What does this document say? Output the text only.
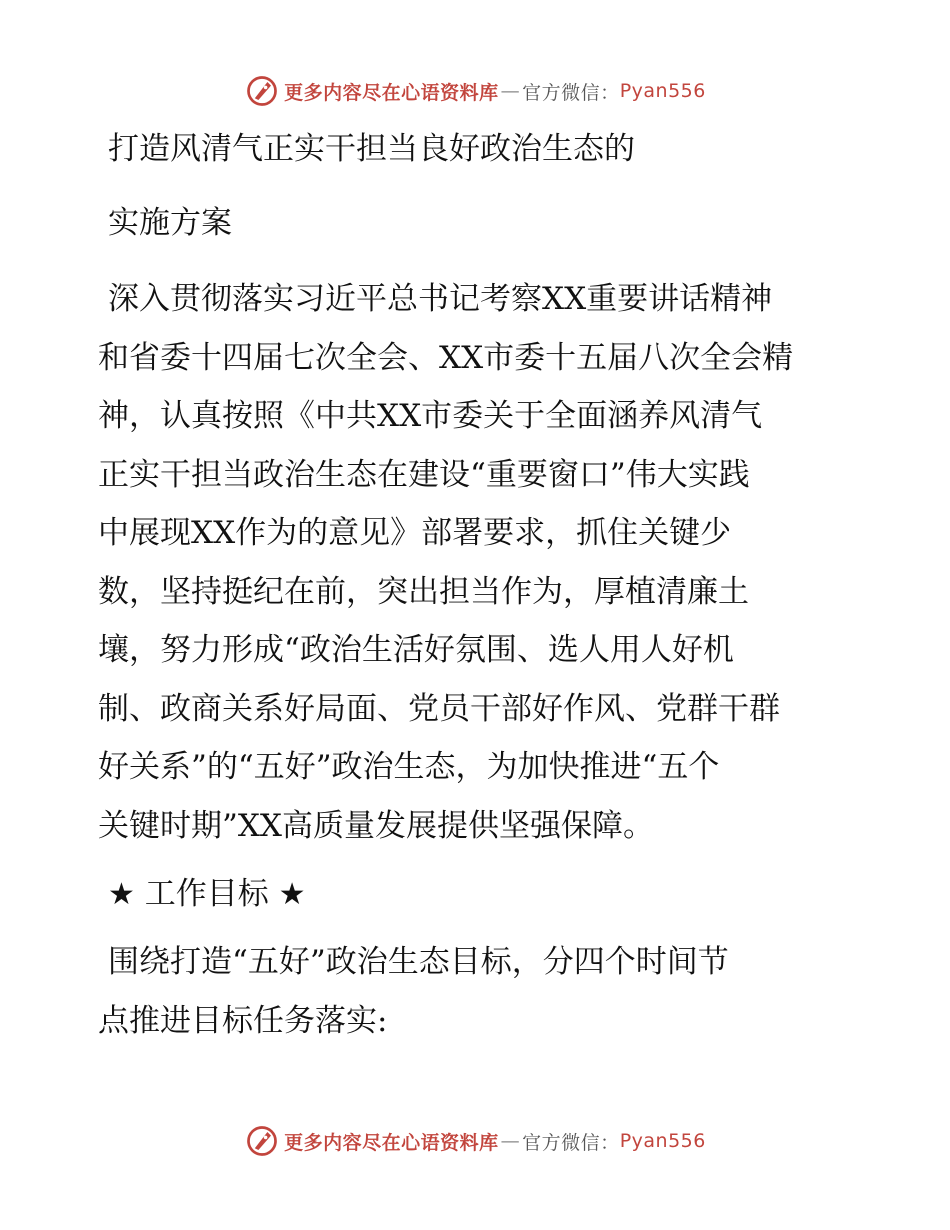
更多内容尽在心语资料库 — 官方微信： Pyan556
打造风清气正实干担当良好政治生态的
实施方案

深入贯彻落实习近平总书记考察XX重要讲话精神
和省委十四届七次全会、XX市委十五届八次全会精
神，认真按照《中共XX市委关于全面涵养风清气
正实干担当政治生态在建设“重要窗口”伟大实践
中展现XX作为的意见》部署要求，抓住关键少
数，坚持挺纪在前，突出担当作为，厚植清廉土
壤，努力形成“政治生活好氛围、选人用人好机
制、政商关系好局面、党员干部好作风、党群干群
好关系”的“五好”政治生态，为加快推进“五个
关键时期”XX高质量发展提供坚强保障。

★ 工作目标 ★

围绕打造“五好”政治生态目标，分四个时间节
点推进目标任务落实:

更多内容尽在心语资料库 — 官方微信： Pyan556
